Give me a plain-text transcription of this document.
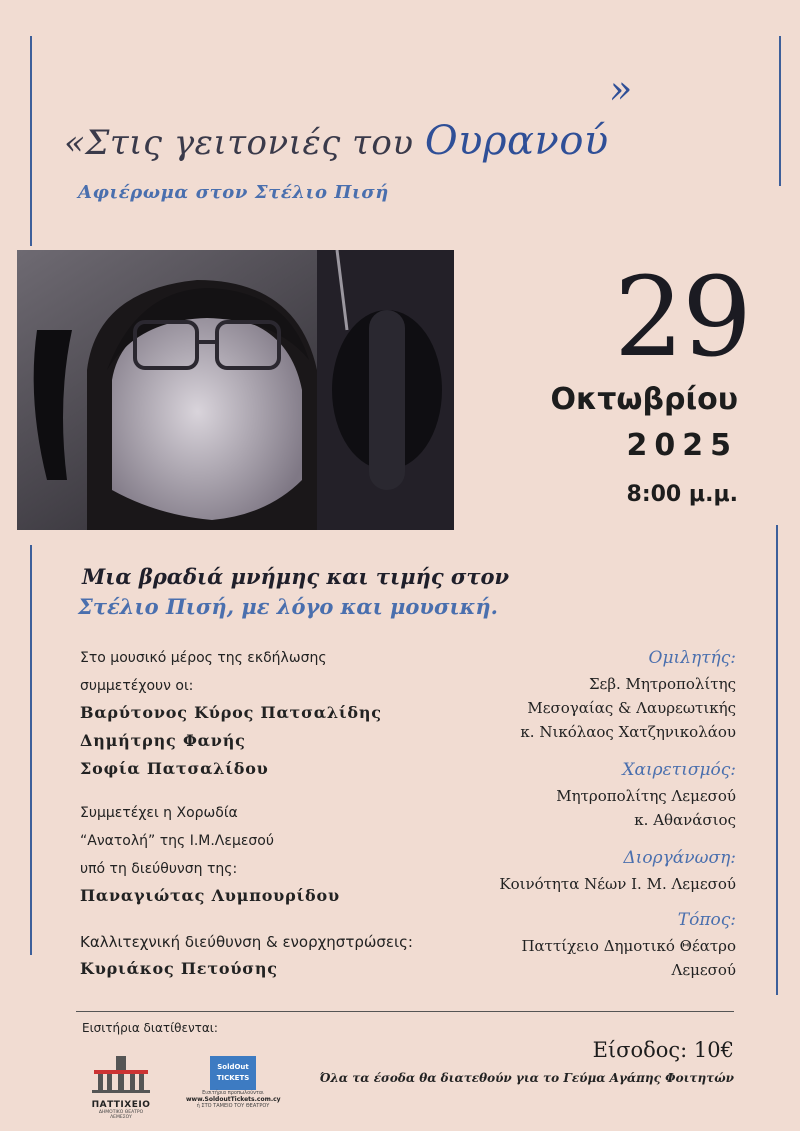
«Στις γειτονιές του Ουρανού»
Αφιέρωμα στον Στέλιο Πισή
29
Οκτωβρίου
2025
8:00 μ.μ.
Μια βραδιά μνήμης και τιμής στον
Στέλιο Πισή, με λόγο και μουσική.
Στο μουσικό μέρος της εκδήλωσης
συμμετέχουν οι:
Βαρύτονος Κύρος Πατσαλίδης
Δημήτρης Φανής
Σοφία Πατσαλίδου
Συμμετέχει η Χορωδία
“Ανατολή” της Ι.Μ.Λεμεσού
υπό τη διεύθυνση της:
Παναγιώτας Λυμπουρίδου
Καλλιτεχνική διεύθυνση & ενορχηστρώσεις:
Κυριάκος Πετούσης
Ομιλητής:
Σεβ. Μητροπολίτης
Μεσογαίας & Λαυρεωτικής
κ. Νικόλαος Χατζηνικολάου
Χαιρετισμός:
Μητροπολίτης Λεμεσού
κ. Αθανάσιος
Διοργάνωση:
Κοινότητα Νέων Ι. Μ. Λεμεσού
Τόπος:
Παττίχειο Δημοτικό Θέατρο
Λεμεσού
Εισιτήρια διατίθενται:
ΠΑΤΤΙΧΕΙΟ
ΔΗΜΟΤΙΚΟ ΘΕΑΤΡΟ
ΛΕΜΕΣΟΥ
SoldOut
TICKETS
Εισιτήρια προπωλούνται
www.SoldoutTickets.com.cy
ή ΣΤΟ ΤΑΜΕΙΟ ΤΟΥ ΘΕΑΤΡΟΥ
Είσοδος: 10€
Όλα τα έσοδα θα διατεθούν για το Γεύμα Αγάπης Φοιτητών
